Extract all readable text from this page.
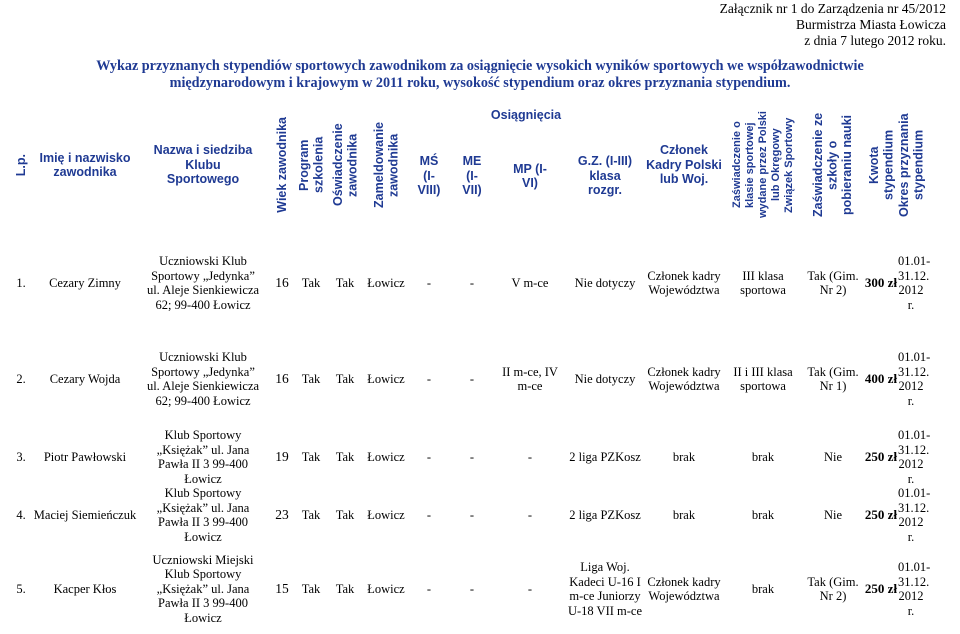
Załącznik nr 1 do Zarządzenia nr 45/2012
Burmistrza Miasta Łowicza
z dnia 7 lutego 2012 roku.
Wykaz przyznanych stypendiów sportowych zawodnikom za osiągnięcie wysokich wyników sportowych we współzawodnictwie międzynarodowym i krajowym w 2011 roku, wysokość stypendium oraz okres przyznania stypendium.
L.p.	Imię i nazwisko zawodnika	Nazwa i siedziba Klubu Sportowego	Wiek zawodnika	Program szkolenia	Oświadczenie zawodnika	Zameldowanie zawodnika	Osiągnięcia				Członek Kadry Polski lub Woj.	Zaświadczenie o klasie sportowej wydane przez Polski lub Okręgowy Związek Sportowy	Zaświadczenie ze szkoły o pobieraniu nauki	Kwota stypendium	Okres przyznania stypendium	

							MŚ (I-VIII)	ME (I-VII)	MP (I-VI)	G.Z. (I-III) klasa rozgr.						

1.	Cezary Zimny	Uczniowski Klub Sportowy „Jedynka” ul. Aleje Sienkiewicza 62; 99-400 Łowicz	16	Tak	Tak	Łowicz	-	-	V m-ce	Nie dotyczy	Członek kadry Województwa	III klasa sportowa	Tak (Gim. Nr 2)	300 zł	01.01-31.12. 2012 r.	
2.	Cezary Wojda	Uczniowski Klub Sportowy „Jedynka” ul. Aleje Sienkiewicza 62; 99-400 Łowicz	16	Tak	Tak	Łowicz	-	-	II m-ce, IV m-ce	Nie dotyczy	Członek kadry Województwa	II i III klasa sportowa	Tak (Gim. Nr 1)	400 zł	01.01-31.12. 2012 r.	
3.	Piotr Pawłowski	Klub Sportowy „Księżak” ul. Jana Pawła II 3 99-400 Łowicz	19	Tak	Tak	Łowicz	-	-	-	2 liga PZKosz	brak	brak	Nie	250 zł	01.01-31.12. 2012 r.	
4.	Maciej Siemieńczuk	Klub Sportowy „Księżak” ul. Jana Pawła II 3 99-400 Łowicz	23	Tak	Tak	Łowicz	-	-	-	2 liga PZKosz	brak	brak	Nie	250 zł	01.01-31.12. 2012 r.	
5.	Kacper Kłos	Uczniowski Miejski Klub Sportowy „Księżak” ul. Jana Pawła II 3 99-400 Łowicz	15	Tak	Tak	Łowicz	-	-	-	Liga Woj. Kadeci U-16 I m-ce Juniorzy U-18 VII m-ce	Członek kadry Województwa	brak	Tak (Gim. Nr 2)	250 zł	01.01-31.12. 2012 r.	
